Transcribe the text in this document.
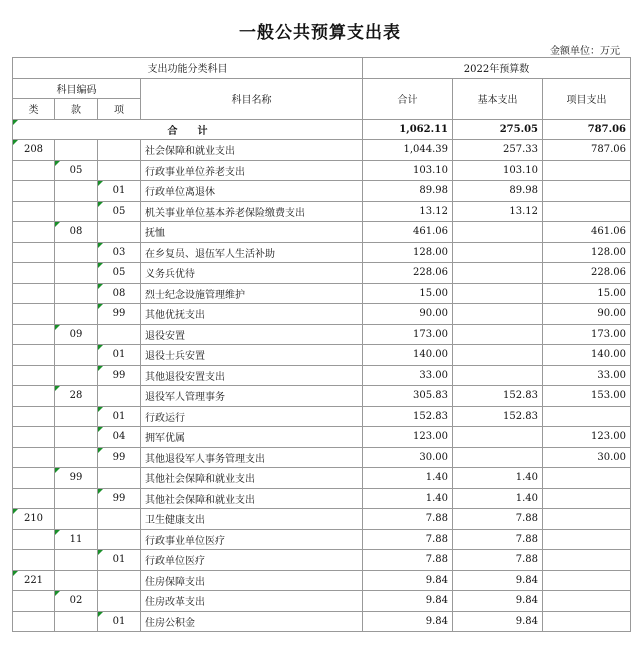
一般公共预算支出表
金额单位：万元
支出功能分类科目				2022年预算数		
科目编码			科目名称	合计	基本支出	项目支出
类	款	项				
合　　计				1,062.11	275.05	787.06
208			社会保障和就业支出	1,044.39	257.33	787.06
	05		行政事业单位养老支出	103.10	103.10	
		01	行政单位离退休	89.98	89.98	
		05	机关事业单位基本养老保险缴费支出	13.12	13.12	
	08		抚恤	461.06		461.06
		03	在乡复员、退伍军人生活补助	128.00		128.00
		05	义务兵优待	228.06		228.06
		08	烈士纪念设施管理维护	15.00		15.00
		99	其他优抚支出	90.00		90.00
	09		退役安置	173.00		173.00
		01	退役士兵安置	140.00		140.00
		99	其他退役安置支出	33.00		33.00
	28		退役军人管理事务	305.83	152.83	153.00
		01	行政运行	152.83	152.83	
		04	拥军优属	123.00		123.00
		99	其他退役军人事务管理支出	30.00		30.00
	99		其他社会保障和就业支出	1.40	1.40	
		99	其他社会保障和就业支出	1.40	1.40	
210			卫生健康支出	7.88	7.88	
	11		行政事业单位医疗	7.88	7.88	
		01	行政单位医疗	7.88	7.88	
221			住房保障支出	9.84	9.84	
	02		住房改革支出	9.84	9.84	
		01	住房公积金	9.84	9.84	
